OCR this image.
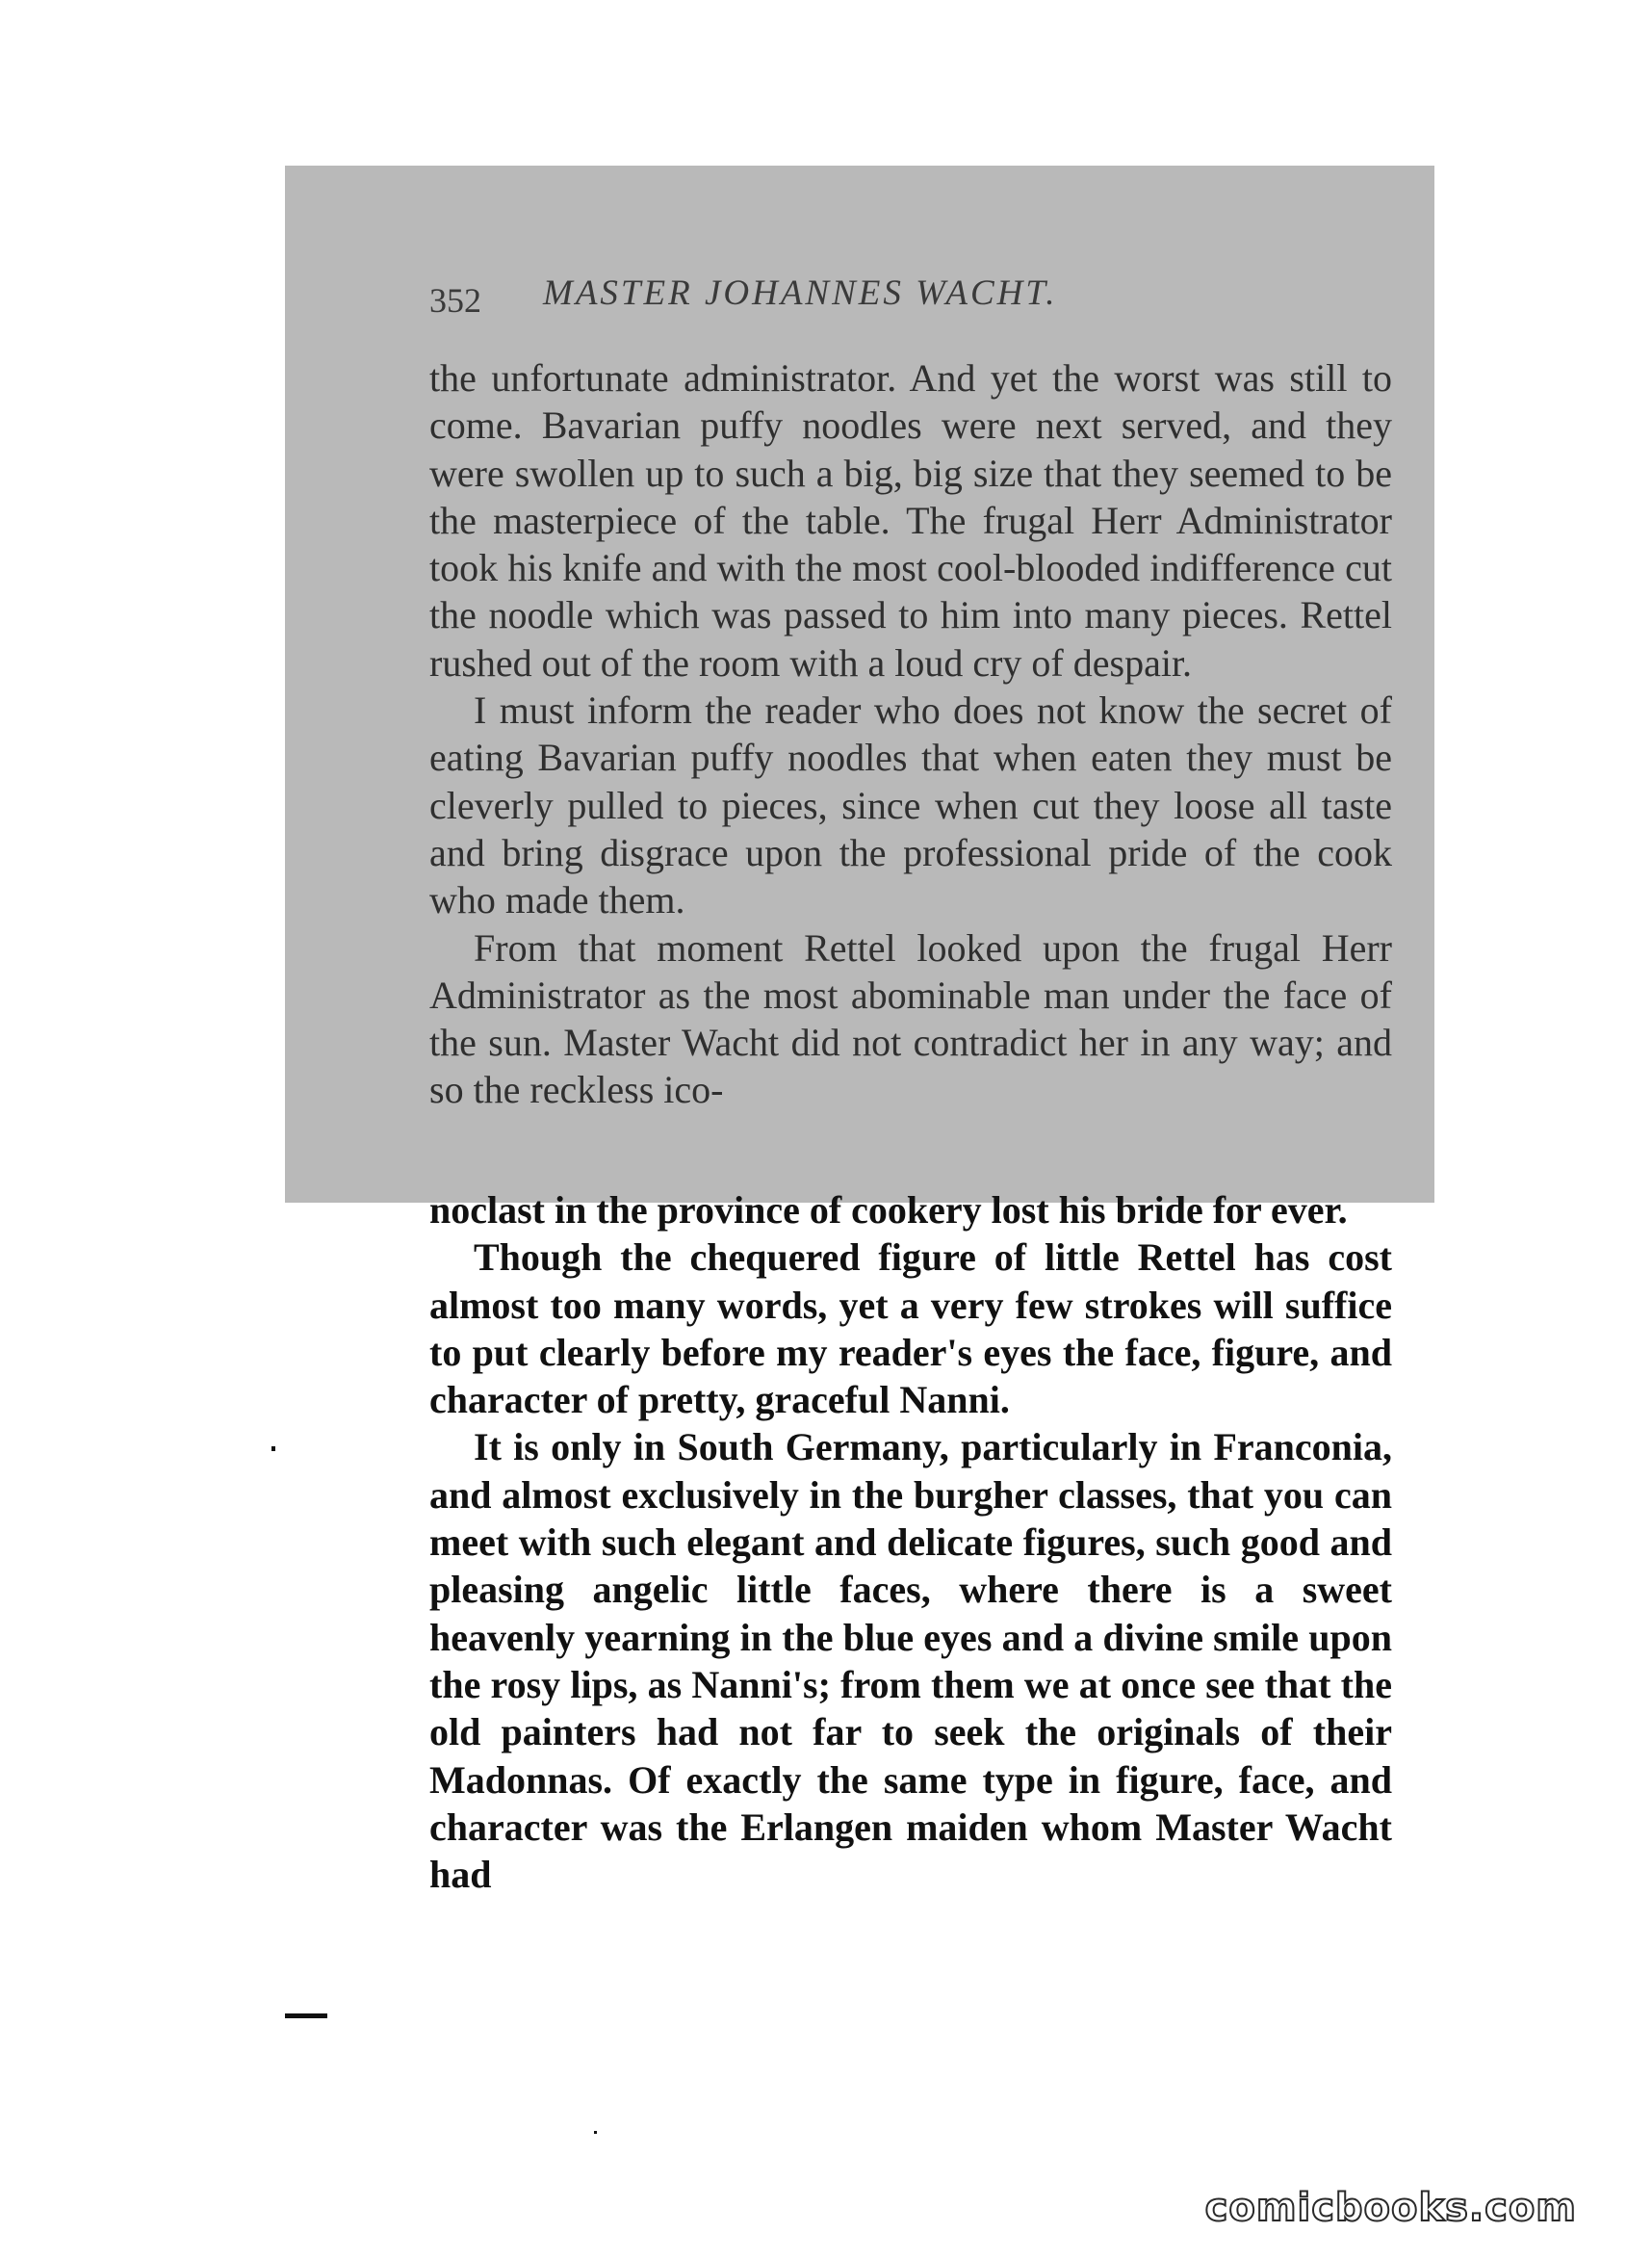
352 MASTER JOHANNES WACHT.

the unfortunate administrator. And yet the worst was still to come. Bavarian puffy noodles were next served, and they were swollen up to such a big, big size that they seemed to be the masterpiece of the table. The frugal Herr Administrator took his knife and with the most cool-blooded indifference cut the noodle which was passed to him into many pieces. Rettel rushed out of the room with a loud cry of despair.

I must inform the reader who does not know the secret of eating Bavarian puffy noodles that when eaten they must be cleverly pulled to pieces, since when cut they loose all taste and bring disgrace upon the professional pride of the cook who made them.

From that moment Rettel looked upon the frugal Herr Administrator as the most abominable man under the face of the sun. Master Wacht did not contradict her in any way; and so the reckless ico-

noclast in the province of cookery lost his bride for ever.

Though the chequered figure of little Rettel has cost almost too many words, yet a very few strokes will suffice to put clearly before my reader's eyes the face, figure, and character of pretty, graceful Nanni.

It is only in South Germany, particularly in Franconia, and almost exclusively in the burgher classes, that you can meet with such elegant and delicate figures, such good and pleasing angelic little faces, where there is a sweet heavenly yearning in the blue eyes and a divine smile upon the rosy lips, as Nanni's; from them we at once see that the old painters had not far to seek the originals of their Madonnas. Of exactly the same type in figure, face, and character was the Erlangen maiden whom Master Wacht had

comicbooks.com
